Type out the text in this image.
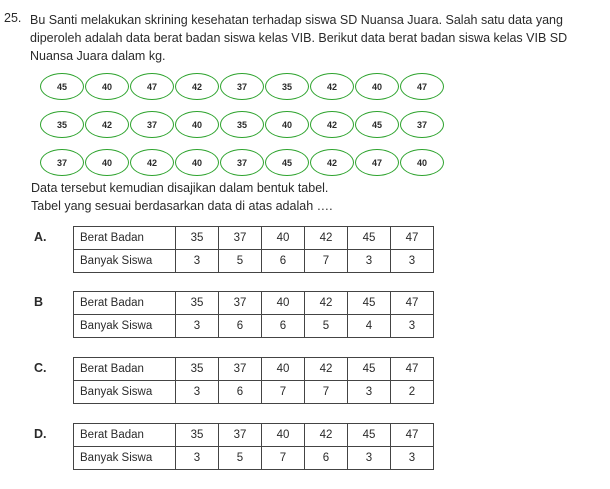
25. Bu Santi melakukan skrining kesehatan terhadap siswa SD Nuansa Juara. Salah satu data yang diperoleh adalah data berat badan siswa kelas VIB. Berikut data berat badan siswa kelas VIB SD Nuansa Juara dalam kg.
45	40	47	42	37	35	42	40	47
35	42	37	40	35	40	42	45	37
37	40	42	40	37	45	42	47	40
Data tersebut kemudian disajikan dalam bentuk tabel.
Tabel yang sesuai berdasarkan data di atas adalah ….
A.	Berat Badan	35	37	40	42	45	47
Banyak Siswa	3	5	6	7	3	3
B	Berat Badan	35	37	40	42	45	47
Banyak Siswa	3	6	6	5	4	3
C.	Berat Badan	35	37	40	42	45	47
Banyak Siswa	3	6	7	7	3	2
D.	Berat Badan	35	37	40	42	45	47
Banyak Siswa	3	5	7	6	3	3
